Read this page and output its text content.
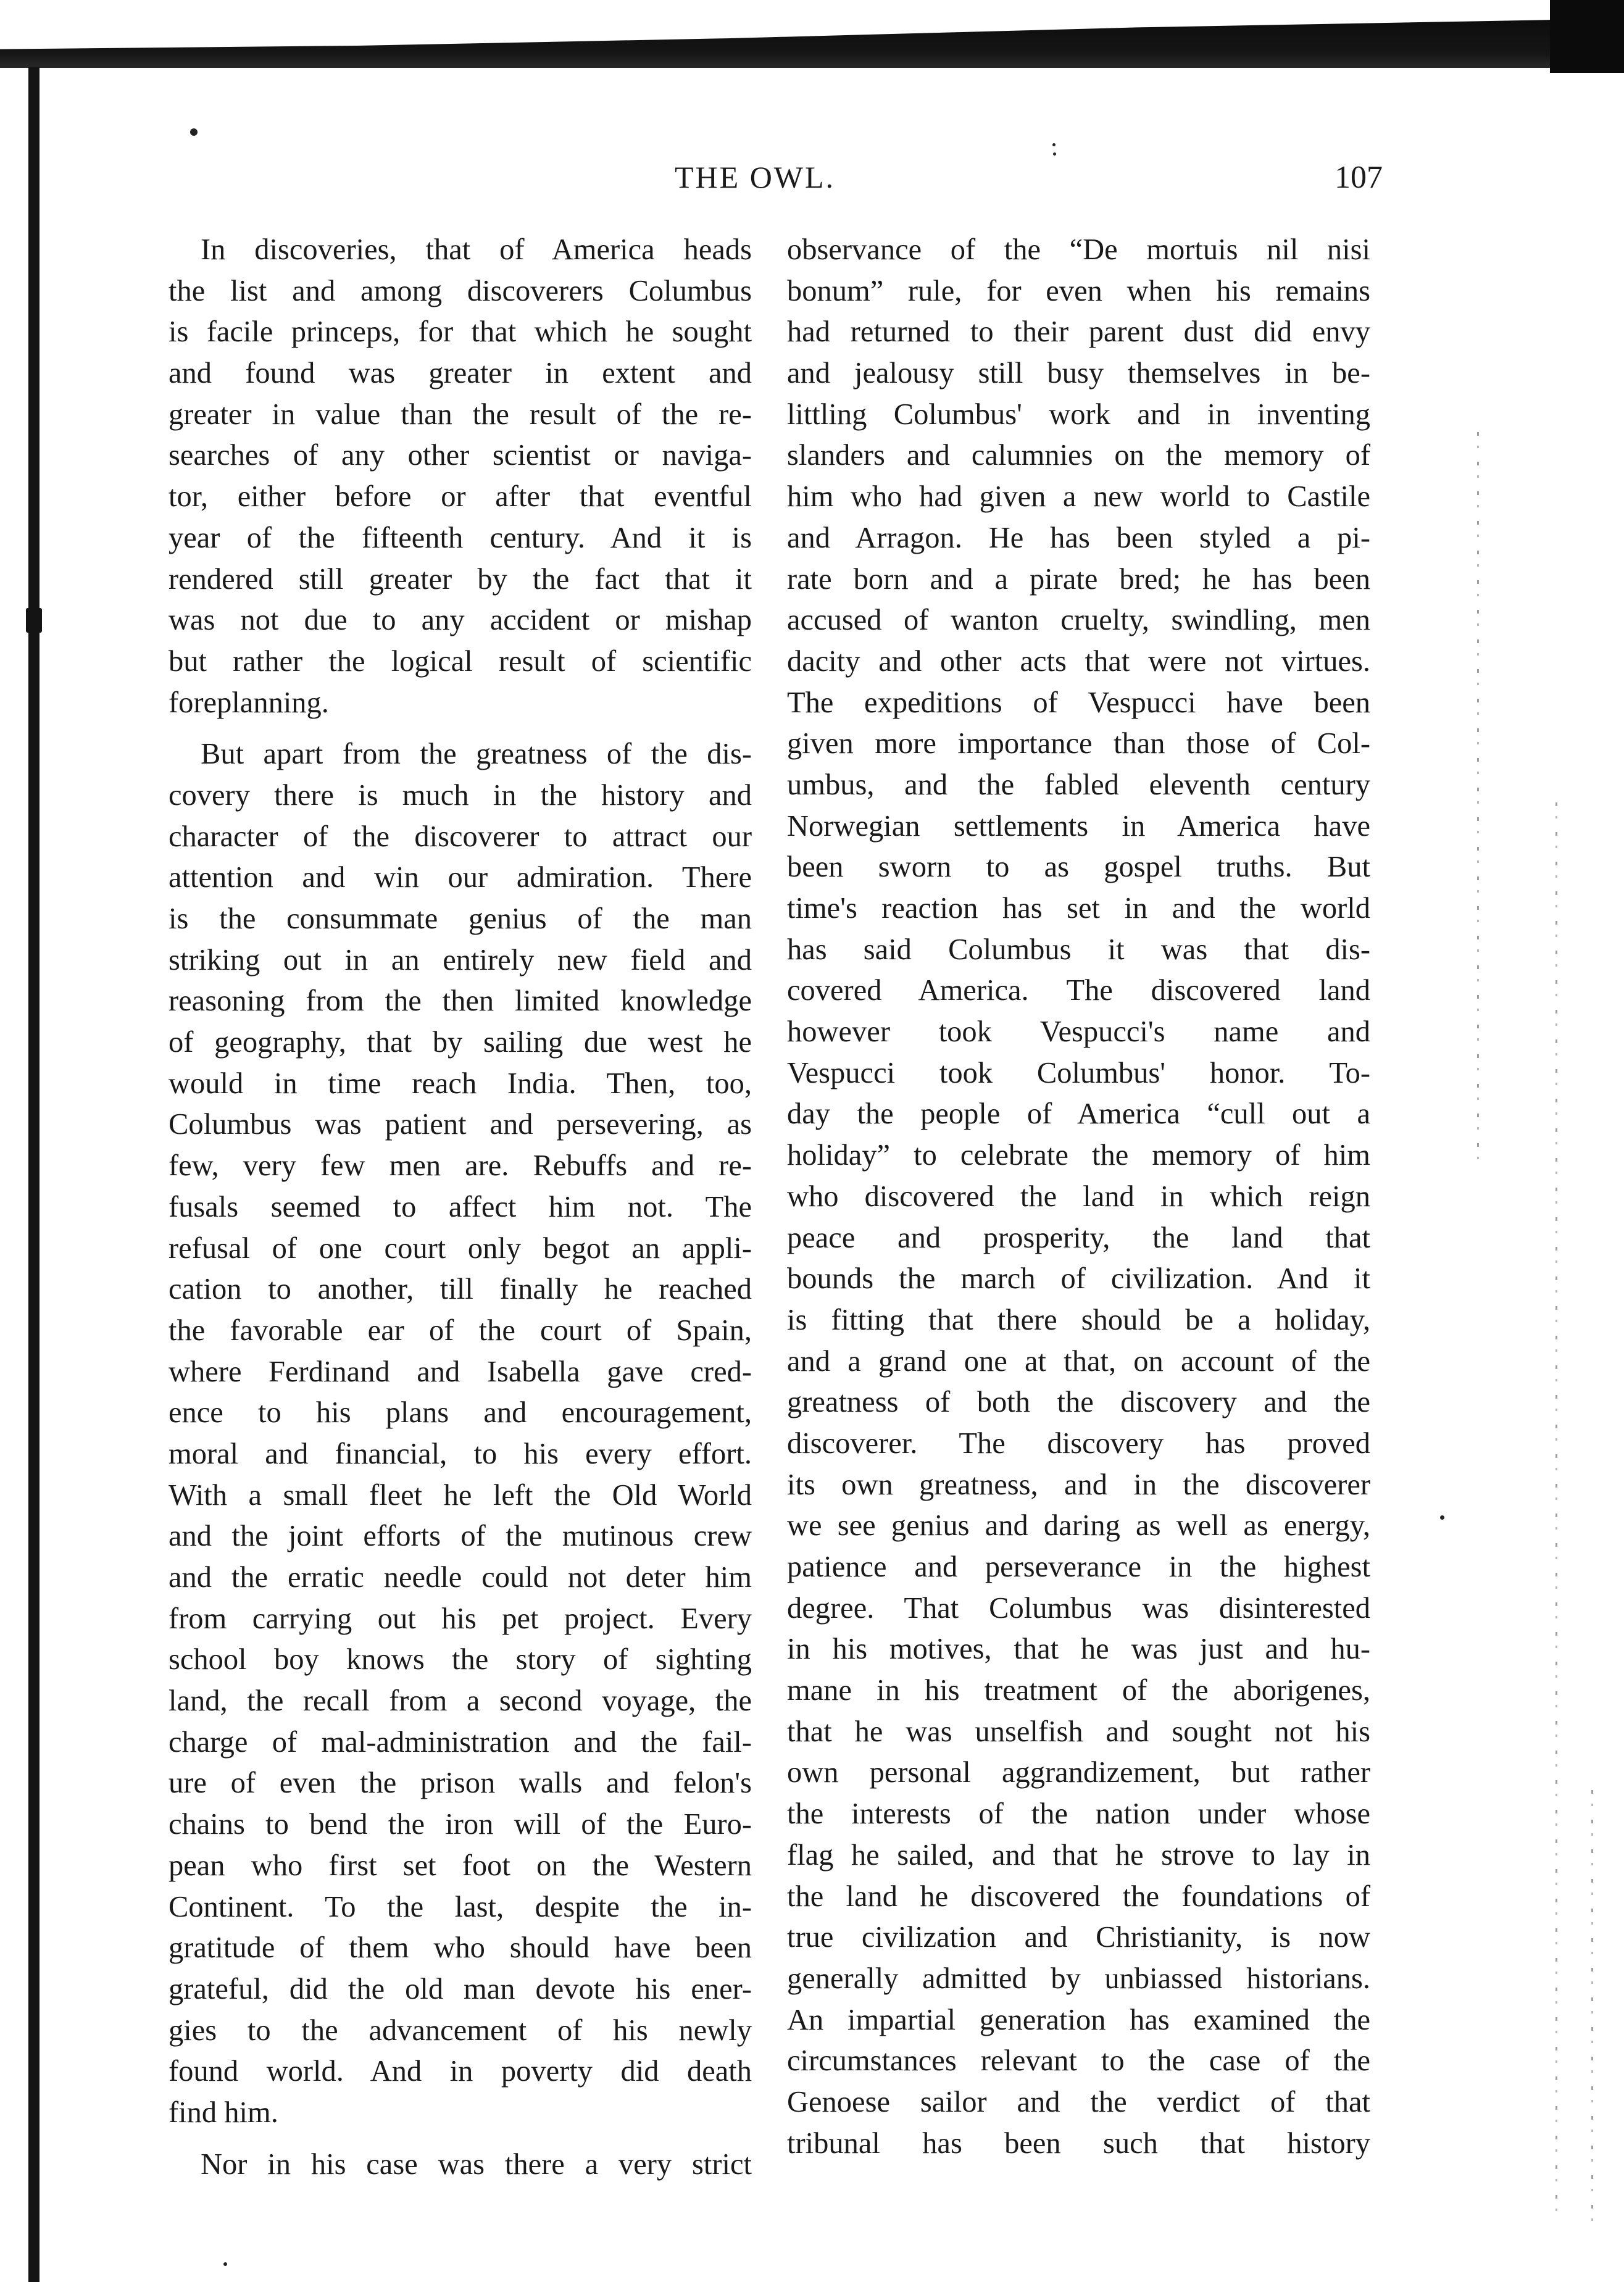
THE OWL.	107
In discoveries, that of America heads
the list and among discoverers Columbus
is facile princeps, for that which he sought
and found was greater in extent and
greater in value than the result of the re-
searches of any other scientist or naviga-
tor, either before or after that eventful
year of the fifteenth century. And it is
rendered still greater by the fact that it
was not due to any accident or mishap
but rather the logical result of scientific
foreplanning.
But apart from the greatness of the dis-
covery there is much in the history and
character of the discoverer to attract our
attention and win our admiration. There
is the consummate genius of the man
striking out in an entirely new field and
reasoning from the then limited knowledge
of geography, that by sailing due west he
would in time reach India. Then, too,
Columbus was patient and persevering, as
few, very few men are. Rebuffs and re-
fusals seemed to affect him not. The
refusal of one court only begot an appli-
cation to another, till finally he reached
the favorable ear of the court of Spain,
where Ferdinand and Isabella gave cred-
ence to his plans and encouragement,
moral and financial, to his every effort.
With a small fleet he left the Old World
and the joint efforts of the mutinous crew
and the erratic needle could not deter him
from carrying out his pet project. Every
school boy knows the story of sighting
land, the recall from a second voyage, the
charge of mal-administration and the fail-
ure of even the prison walls and felon's
chains to bend the iron will of the Euro-
pean who first set foot on the Western
Continent. To the last, despite the in-
gratitude of them who should have been
grateful, did the old man devote his ener-
gies to the advancement of his newly
found world. And in poverty did death
find him.
Nor in his case was there a very strict
observance of the “De mortuis nil nisi
bonum” rule, for even when his remains
had returned to their parent dust did envy
and jealousy still busy themselves in be-
littling Columbus' work and in inventing
slanders and calumnies on the memory of
him who had given a new world to Castile
and Arragon. He has been styled a pi-
rate born and a pirate bred; he has been
accused of wanton cruelty, swindling, men
dacity and other acts that were not virtues.
The expeditions of Vespucci have been
given more importance than those of Col-
umbus, and the fabled eleventh century
Norwegian settlements in America have
been sworn to as gospel truths. But
time's reaction has set in and the world
has said Columbus it was that dis-
covered America. The discovered land
however took Vespucci's name and
Vespucci took Columbus' honor. To-
day the people of America “cull out a
holiday” to celebrate the memory of him
who discovered the land in which reign
peace and prosperity, the land that
bounds the march of civilization. And it
is fitting that there should be a holiday,
and a grand one at that, on account of the
greatness of both the discovery and the
discoverer. The discovery has proved
its own greatness, and in the discoverer
we see genius and daring as well as energy,
patience and perseverance in the highest
degree. That Columbus was disinterested
in his motives, that he was just and hu-
mane in his treatment of the aborigenes,
that he was unselfish and sought not his
own personal aggrandizement, but rather
the interests of the nation under whose
flag he sailed, and that he strove to lay in
the land he discovered the foundations of
true civilization and Christianity, is now
generally admitted by unbiassed historians.
An impartial generation has examined the
circumstances relevant to the case of the
Genoese sailor and the verdict of that
tribunal has been such that history
